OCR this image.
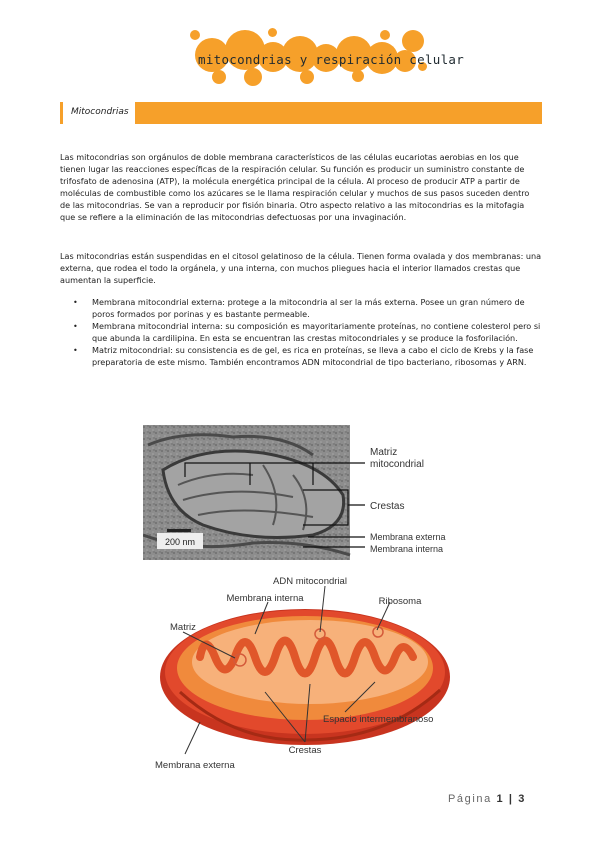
mitocondrias y respiración celular
Mitocondrias

Las mitocondrias son orgánulos de doble membrana característicos de las células eucariotas aerobias en los que tienen lugar las reacciones específicas de la respiración celular. Su función es producir un suministro constante de trifosfato de adenosina (ATP), la molécula energética principal de la célula. Al proceso de producir ATP a partir de moléculas de combustible como los azúcares se le llama respiración celular y muchos de sus pasos suceden dentro de las mitocondrias. Se van a reproducir por fisión binaria. Otro aspecto relativo a las mitocondrias es la mitofagia que se refiere a la eliminación de las mitocondrias defectuosas por una invaginación.

Las mitocondrias están suspendidas en el citosol gelatinoso de la célula. Tienen forma ovalada y dos membranas: una externa, que rodea el todo la orgánela, y una interna, con muchos pliegues hacia el interior llamados crestas que aumentan la superficie.

• Membrana mitocondrial externa: protege a la mitocondria al ser la más externa. Posee un gran número de poros formados por porinas y es bastante permeable.
• Membrana mitocondrial interna: su composición es mayoritariamente proteínas, no contiene colesterol pero si que abunda la cardilipina. En esta se encuentran las crestas mitocondriales y se produce la fosforilación.
• Matriz mitocondrial: su consistencia es de gel, es rica en proteínas, se lleva a cabo el ciclo de Krebs y la fase preparatoria de este mismo. También encontramos ADN mitocondrial de tipo bacteriano, ribosomas y ARN.
200 nm
Matriz
mitocondrial
Crestas
Membrana externa
Membrana interna
ADN mitocondrial
Membrana interna	Ribosoma
Matriz
Espacio intermembranoso
Crestas
Membrana externa
Página 1 | 3
